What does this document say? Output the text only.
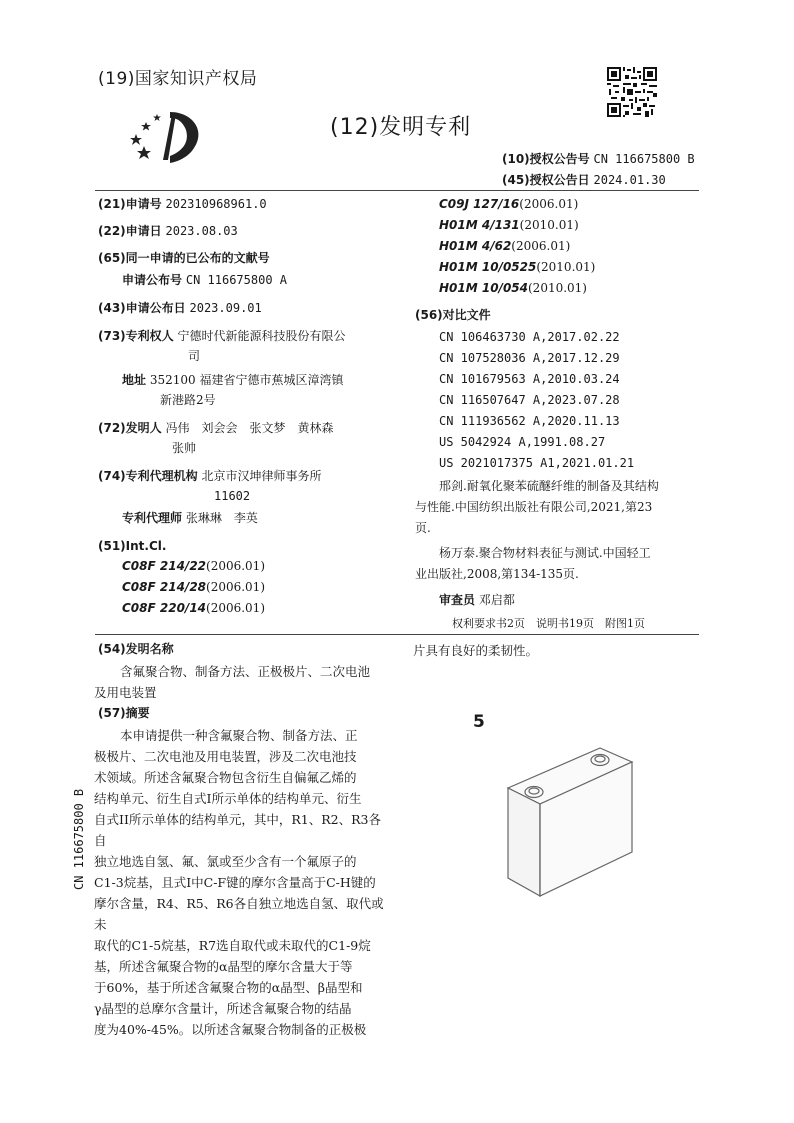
(19)国家知识产权局
(12)发明专利
(10)授权公告号 CN 116675800 B
(45)授权公告日 2024.01.30
(21)申请号 202310968961.0
(22)申请日 2023.08.03
(65)同一申请的已公布的文献号
申请公布号 CN 116675800 A
(43)申请公布日 2023.09.01
(73)专利权人 宁德时代新能源科技股份有限公
司
地址 352100 福建省宁德市蕉城区漳湾镇
新港路2号
(72)发明人 冯伟　刘会会　张文梦　黄林森
张帅
(74)专利代理机构 北京市汉坤律师事务所
11602
专利代理师 张琳琳　李英
(51)Int.Cl.
C08F 214/22(2006.01)
C08F 214/28(2006.01)
C08F 220/14(2006.01)
C09J 127/16(2006.01)
H01M 4/131(2010.01)
H01M 4/62(2006.01)
H01M 10/0525(2010.01)
H01M 10/054(2010.01)
(56)对比文件
CN 106463730 A,2017.02.22
CN 107528036 A,2017.12.29
CN 101679563 A,2010.03.24
CN 116507647 A,2023.07.28
CN 111936562 A,2020.11.13
US 5042924 A,1991.08.27
US 2021017375 A1,2021.01.21
邢剑.耐氧化聚苯硫醚纤维的制备及其结构
与性能.中国纺织出版社有限公司,2021,第23
页.
杨万泰.聚合物材料表征与测试.中国轻工
业出版社,2008,第134-135页.
审查员 邓启都
权利要求书2页　说明书19页　附图1页
(54)发明名称
含氟聚合物、制备方法、正极极片、二次电池
及用电装置
(57)摘要
本申请提供一种含氟聚合物、制备方法、正
极极片、二次电池及用电装置，涉及二次电池技
术领域。所述含氟聚合物包含衍生自偏氟乙烯的
结构单元、衍生自式I所示单体的结构单元、衍生
自式II所示单体的结构单元，其中，R1、R2、R3各自
独立地选自氢、氟、氯或至少含有一个氟原子的
C1-3烷基，且式I中C-F键的摩尔含量高于C-H键的
摩尔含量，R4、R5、R6各自独立地选自氢、取代或未
取代的C1-5烷基，R7选自取代或未取代的C1-9烷
基，所述含氟聚合物的α晶型的摩尔含量大于等
于60%，基于所述含氟聚合物的α晶型、β晶型和
γ晶型的总摩尔含量计，所述含氟聚合物的结晶
度为40%-45%。以所述含氟聚合物制备的正极极
片具有良好的柔韧性。
5
CN 116675800 B
